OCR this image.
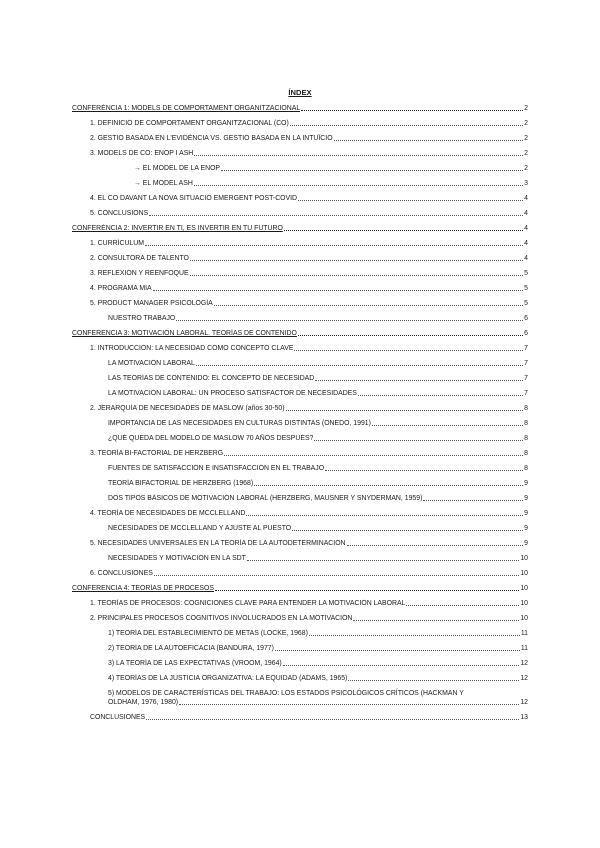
ÍNDEX
CONFERÈNCIA 1: MODELS DE COMPORTAMENT ORGANITZACIONAL	2
1. DEFINICIÓ DE COMPORTAMENT ORGANITZACIONAL (CO)	2
2. GESTIÓ BASADA EN L'EVIDÈNCIA VS. GESTIÓ BASADA EN LA INTUÏCIÓ	2
3. MODELS DE CO: ENOP I ASH	2
→ EL MODEL DE LA ENOP	2
→ EL MODEL ASH	3
4. EL CO DAVANT LA NOVA SITUACIÓ EMERGENT POST-COVID	4
5. CONCLUSIONS	4
CONFERÈNCIA 2: INVERTIR EN TI, ES INVERTIR EN TU FUTURO	4
1. CURRÍCULUM	4
2. CONSULTORA DE TALENTO	4
3. REFLEXIÓN Y REENFOQUE	5
4. PROGRAMA MIA	5
5. PRODUCT MANAGER PSICOLOGÍA	5
NUESTRO TRABAJO	6
CONFERENCIA 3: MOTIVACIÓN LABORAL. TEORÍAS DE CONTENIDO	6
1. INTRODUCCIÓN: LA NECESIDAD COMO CONCEPTO CLAVE	7
LA MOTIVACIÓN LABORAL	7
LAS TEORÍAS DE CONTENIDO: EL CONCEPTO DE NECESIDAD	7
LA MOTIVACIÓN LABORAL: UN PROCESO SATISFACTOR DE NECESIDADES	7
2. JERARQUÍA DE NECESIDADES DE MASLOW (años 30-50)	8
IMPORTANCIA DE LAS NECESIDADES EN CULTURAS DISTINTAS (ONEDO, 1991)	8
¿QUÉ QUEDA DEL MODELO DE MASLOW 70 AÑOS DESPUÉS?	8
3. TEORÍA BI-FACTORIAL DE HERZBERG	8
FUENTES DE SATISFACCIÓN E INSATISFACCIÓN EN EL TRABAJO	8
TEORÍA BIFACTORIAL DE HERZBERG (1968)	9
DOS TIPOS BÁSICOS DE MOTIVACIÓN LABORAL (HERZBERG, MAUSNER Y SNYDERMAN, 1959)	9
4. TEORÍA DE NECESIDADES DE MCCLELLAND	9
NECESIDADES DE MCCLELLAND Y AJUSTE AL PUESTO	9
5. NECESIDADES UNIVERSALES EN LA TEORÍA DE LA AUTODETERMINACIÓN	9
NECESIDADES Y MOTIVACIÓN EN LA SDT	10
6. CONCLUSIONES	10
CONFERENCIA 4: TEORÍAS DE PROCESOS	10
1. TEORÍAS DE PROCESOS: COGNICIONES CLAVE PARA ENTENDER LA MOTIVACIÓN LABORAL	10
2. PRINCIPALES PROCESOS COGNITIVOS INVOLUCRADOS EN LA MOTIVACIÓN	10
1) TEORÍA DEL ESTABLECIMIENTO DE METAS (LOCKE, 1968)	11
2) TEORÍA DE LA AUTOEFICACIA (BANDURA, 1977)	11
3) LA TEORÍA DE LAS EXPECTATIVAS (VROOM, 1964)	12
4) TEORÍAS DE LA JUSTICIA ORGANIZATIVA: LA EQUIDAD (ADAMS, 1965)	12
5) MODELOS DE CARACTERÍSTICAS DEL TRABAJO: LOS ESTADOS PSICOLÓGICOS CRÍTICOS (HACKMAN Y
OLDHAM, 1976, 1980)	12
CONCLUSIONES	13
